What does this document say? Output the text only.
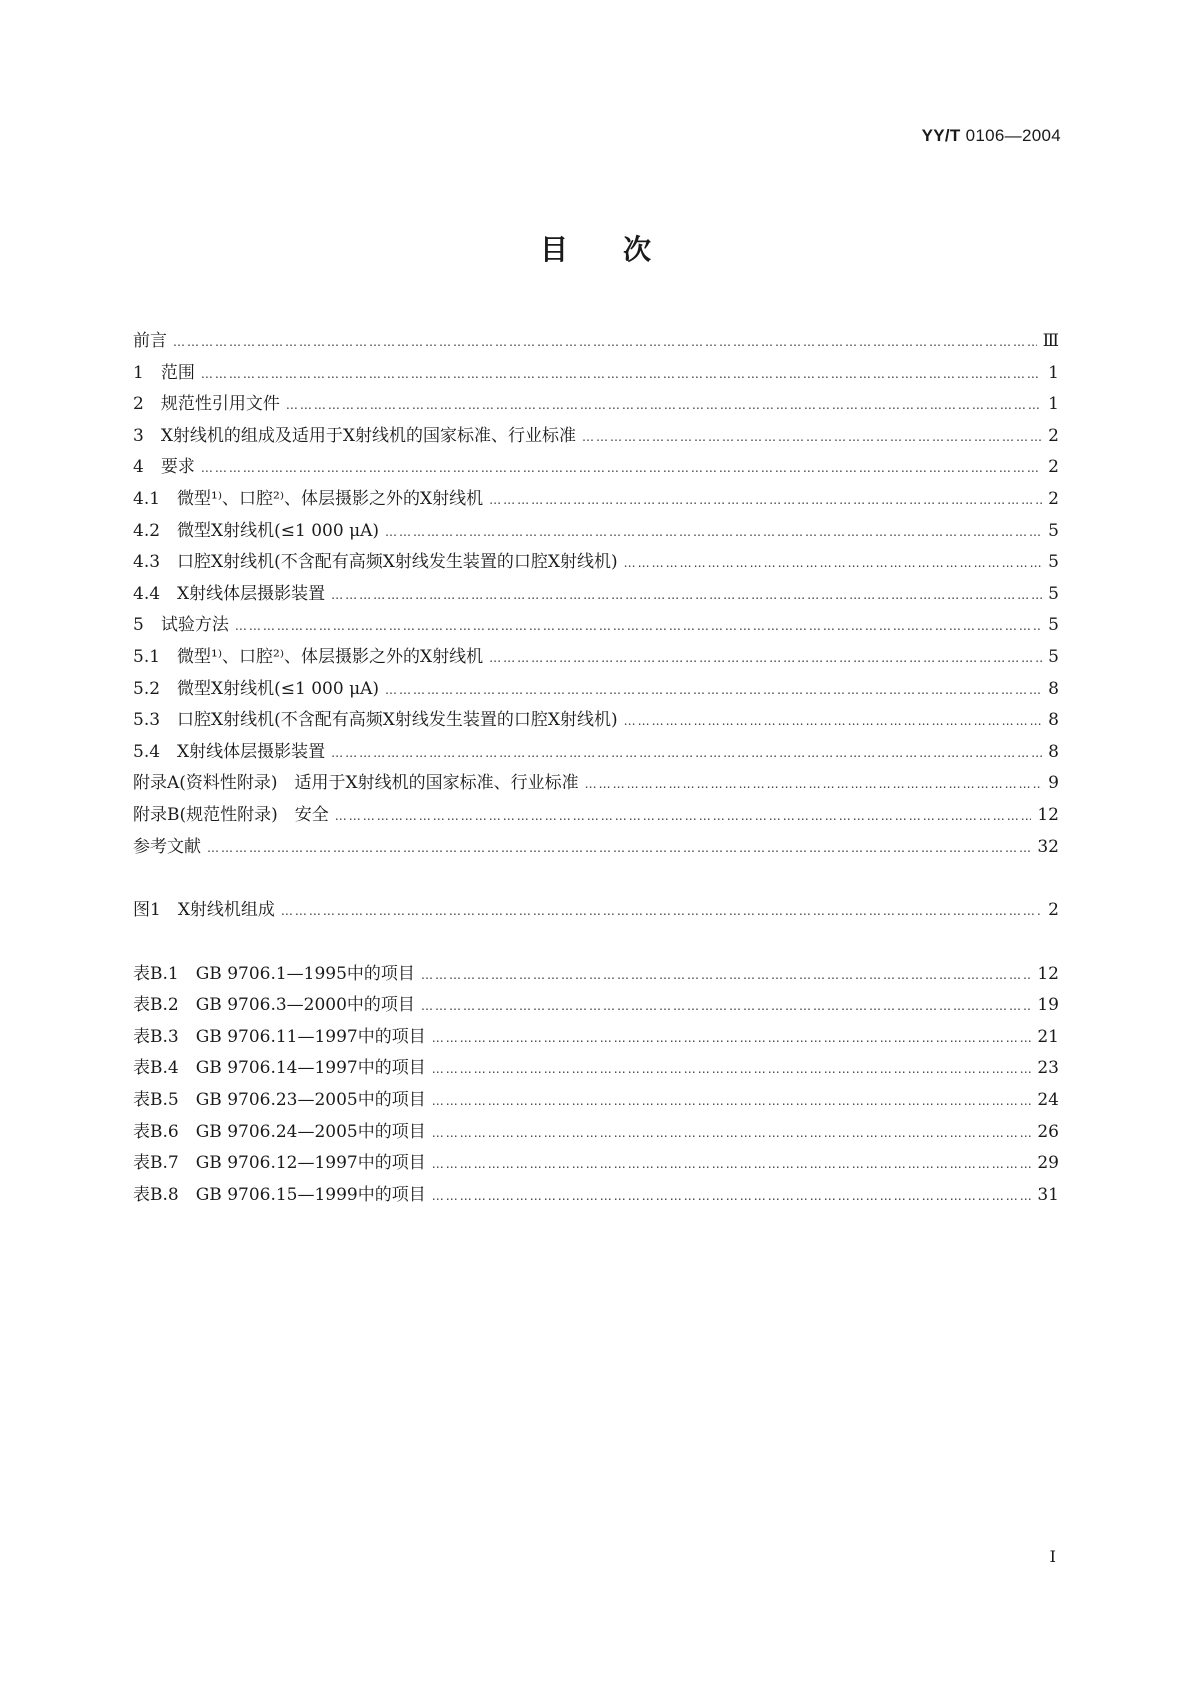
YY/T 0106—2004
目次
前言 …………………………………………………………………………………………………………………………………………………………………………………………………………………	Ⅲ
1　范围 …………………………………………………………………………………………………………………………………………………………………………………………………………………	1
2　规范性引用文件 …………………………………………………………………………………………………………………………………………………………………………………………………………………	1
3　X射线机的组成及适用于X射线机的国家标准、行业标准 …………………………………………………………………………………………………………………………………………………………………………………………………………………	2
4　要求 …………………………………………………………………………………………………………………………………………………………………………………………………………………	2
4.1　微型¹⁾、口腔²⁾、体层摄影之外的X射线机 …………………………………………………………………………………………………………………………………………………………………………………………………………………	2
4.2　微型X射线机(≤1 000 μA) …………………………………………………………………………………………………………………………………………………………………………………………………………………	5
4.3　口腔X射线机(不含配有高频X射线发生装置的口腔X射线机) …………………………………………………………………………………………………………………………………………………………………………………………………………………	5
4.4　X射线体层摄影装置 …………………………………………………………………………………………………………………………………………………………………………………………………………………	5
5　试验方法 …………………………………………………………………………………………………………………………………………………………………………………………………………………	5
5.1　微型¹⁾、口腔²⁾、体层摄影之外的X射线机 …………………………………………………………………………………………………………………………………………………………………………………………………………………	5
5.2　微型X射线机(≤1 000 μA) …………………………………………………………………………………………………………………………………………………………………………………………………………………	8
5.3　口腔X射线机(不含配有高频X射线发生装置的口腔X射线机) …………………………………………………………………………………………………………………………………………………………………………………………………………………	8
5.4　X射线体层摄影装置 …………………………………………………………………………………………………………………………………………………………………………………………………………………	8
附录A(资料性附录)　适用于X射线机的国家标准、行业标准 …………………………………………………………………………………………………………………………………………………………………………………………………………………	9
附录B(规范性附录)　安全 …………………………………………………………………………………………………………………………………………………………………………………………………………………	12
参考文献 …………………………………………………………………………………………………………………………………………………………………………………………………………………	32
图1　X射线机组成 …………………………………………………………………………………………………………………………………………………………………………………………………………………	2
表B.1　GB 9706.1—1995中的项目 …………………………………………………………………………………………………………………………………………………………………………………………………………………	12
表B.2　GB 9706.3—2000中的项目 …………………………………………………………………………………………………………………………………………………………………………………………………………………	19
表B.3　GB 9706.11—1997中的项目 …………………………………………………………………………………………………………………………………………………………………………………………………………………	21
表B.4　GB 9706.14—1997中的项目 …………………………………………………………………………………………………………………………………………………………………………………………………………………	23
表B.5　GB 9706.23—2005中的项目 …………………………………………………………………………………………………………………………………………………………………………………………………………………	24
表B.6　GB 9706.24—2005中的项目 …………………………………………………………………………………………………………………………………………………………………………………………………………………	26
表B.7　GB 9706.12—1997中的项目 …………………………………………………………………………………………………………………………………………………………………………………………………………………	29
表B.8　GB 9706.15—1999中的项目 …………………………………………………………………………………………………………………………………………………………………………………………………………………	31
I
